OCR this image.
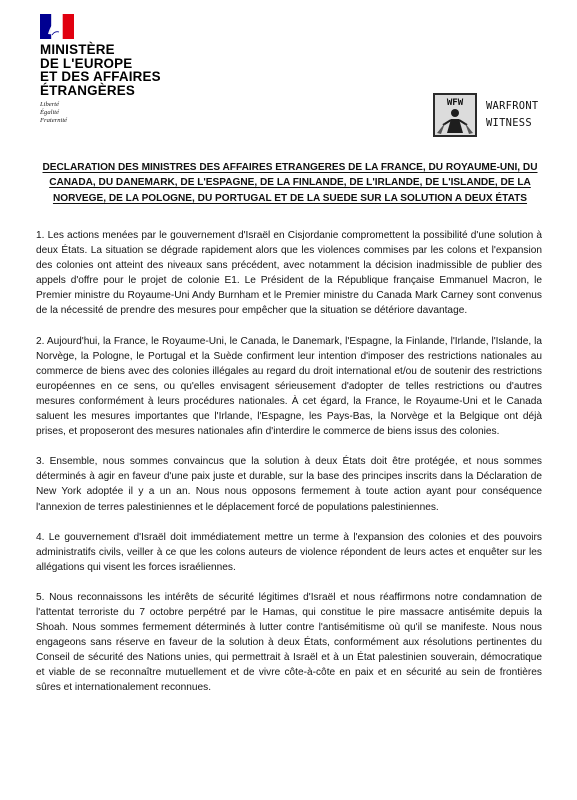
MINISTÈRE
DE L'EUROPE
ET DES AFFAIRES
ÉTRANGÈRES
Liberté
Égalité
Fraternité
WFW WARFRONT
WITNESS

DECLARATION DES MINISTRES DES AFFAIRES ETRANGERES DE LA FRANCE, DU ROYAUME-UNI, DU CANADA, DU DANEMARK, DE L'ESPAGNE, DE LA FINLANDE, DE L'IRLANDE, DE L'ISLANDE, DE LA NORVEGE, DE LA POLOGNE, DU PORTUGAL ET DE LA SUEDE SUR LA SOLUTION A DEUX ÉTATS

1. Les actions menées par le gouvernement d'Israël en Cisjordanie compromettent la possibilité d'une solution à deux États. La situation se dégrade rapidement alors que les violences commises par les colons et l'expansion des colonies ont atteint des niveaux sans précédent, avec notamment la décision inadmissible de publier des appels d'offre pour le projet de colonie E1. Le Président de la République française Emmanuel Macron, le Premier ministre du Royaume-Uni Andy Burnham et le Premier ministre du Canada Mark Carney sont convenus de la nécessité de prendre des mesures pour empêcher que la situation se détériore davantage.

2. Aujourd'hui, la France, le Royaume-Uni, le Canada, le Danemark, l'Espagne, la Finlande, l'Irlande, l'Islande, la Norvège, la Pologne, le Portugal et la Suède confirment leur intention d'imposer des restrictions nationales au commerce de biens avec des colonies illégales au regard du droit international et/ou de soutenir des restrictions européennes en ce sens, ou qu'elles envisagent sérieusement d'adopter de telles restrictions ou d'autres mesures conformément à leurs procédures nationales. À cet égard, la France, le Royaume-Uni et le Canada saluent les mesures importantes que l'Irlande, l'Espagne, les Pays-Bas, la Norvège et la Belgique ont déjà prises, et proposeront des mesures nationales afin d'interdire le commerce de biens issus des colonies.

3. Ensemble, nous sommes convaincus que la solution à deux États doit être protégée, et nous sommes déterminés à agir en faveur d'une paix juste et durable, sur la base des principes inscrits dans la Déclaration de New York adoptée il y a un an. Nous nous opposons fermement à toute action ayant pour conséquence l'annexion de terres palestiniennes et le déplacement forcé de populations palestiniennes.

4. Le gouvernement d'Israël doit immédiatement mettre un terme à l'expansion des colonies et des pouvoirs administratifs civils, veiller à ce que les colons auteurs de violence répondent de leurs actes et enquêter sur les allégations qui visent les forces israéliennes.

5. Nous reconnaissons les intérêts de sécurité légitimes d'Israël et nous réaffirmons notre condamnation de l'attentat terroriste du 7 octobre perpétré par le Hamas, qui constitue le pire massacre antisémite depuis la Shoah. Nous sommes fermement déterminés à lutter contre l'antisémitisme où qu'il se manifeste. Nous nous engageons sans réserve en faveur de la solution à deux États, conformément aux résolutions pertinentes du Conseil de sécurité des Nations unies, qui permettrait à Israël et à un État palestinien souverain, démocratique et viable de se reconnaître mutuellement et de vivre côte-à-côte en paix et en sécurité au sein de frontières sûres et internationalement reconnues.
